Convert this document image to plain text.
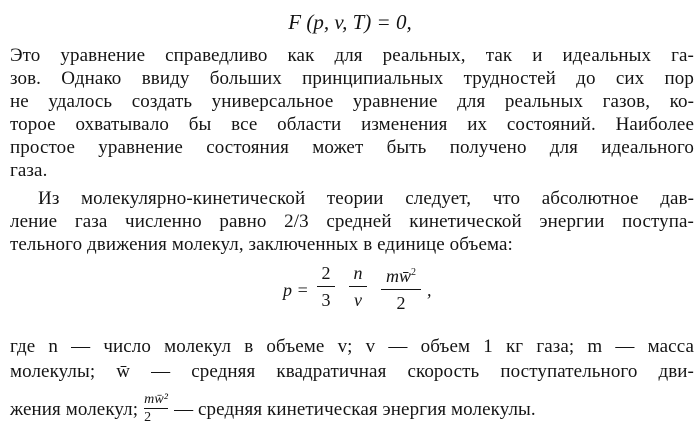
F (p, v, T) = 0,
Это уравнение справедливо как для реальных, так и идеальных га-
зов. Однако ввиду больших принципиальных трудностей до сих пор
не удалось создать универсальное уравнение для реальных газов, ко-
торое охватывало бы все области изменения их состояний. Наиболее
простое уравнение состояния может быть получено для идеального
газа.
Из молекулярно-кинетической теории следует, что абсолютное дав-
ление газа численно равно 2/3 средней кинетической энергии поступа-
тельного движения молекул, заключенных в единице объема:
p =
2
3
n
v
mw̄$^2$
2
,
где n — число молекул в объеме v; v — объем 1 кг газа; m — масса
молекулы; w̄ — средняя квадратичная скорость поступательного дви-
жения молекул; $\frac{\text{mw̄²}}{2}$ — средняя кинетическая энергия молекулы.
